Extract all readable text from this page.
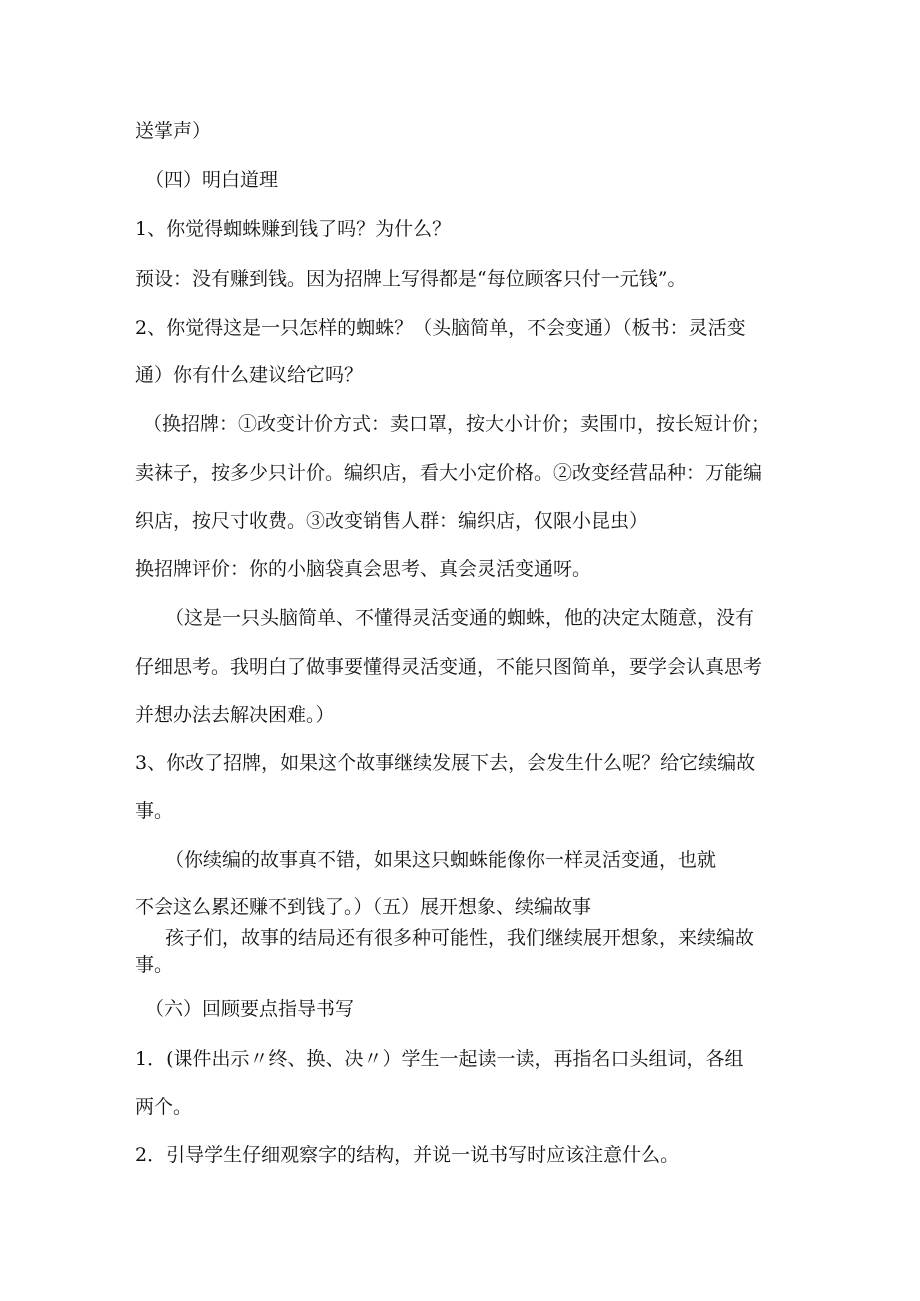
送掌声）
（四）明白道理
1、你觉得蜘蛛赚到钱了吗？为什么？
预设：没有赚到钱。因为招牌上写得都是“每位顾客只付一元钱”。
2、你觉得这是一只怎样的蜘蛛？（头脑简单，不会变通）（板书：灵活变
通）你有什么建议给它吗？
（换招牌：①改变计价方式：卖口罩，按大小计价；卖围巾，按长短计价；
卖袜子，按多少只计价。编织店，看大小定价格。②改变经营品种：万能编
织店，按尺寸收费。③改变销售人群：编织店，仅限小昆虫）
换招牌评价：你的小脑袋真会思考、真会灵活变通呀。
（这是一只头脑简单、不懂得灵活变通的蜘蛛，他的决定太随意，没有
仔细思考。我明白了做事要懂得灵活变通，不能只图简单，要学会认真思考
并想办法去解决困难。）
3、你改了招牌，如果这个故事继续发展下去，会发生什么呢？给它续编故
事。
（你续编的故事真不错，如果这只蜘蛛能像你一样灵活变通，也就
不会这么累还赚不到钱了。）（五）展开想象、续编故事
孩子们，故事的结局还有很多种可能性，我们继续展开想象，来续编故
事。
（六）回顾要点指导书写
1．(课件出示〃终、换、决〃）学生一起读一读，再指名口头组词，各组
两个。
2．引导学生仔细观察字的结构，并说一说书写时应该注意什么。
